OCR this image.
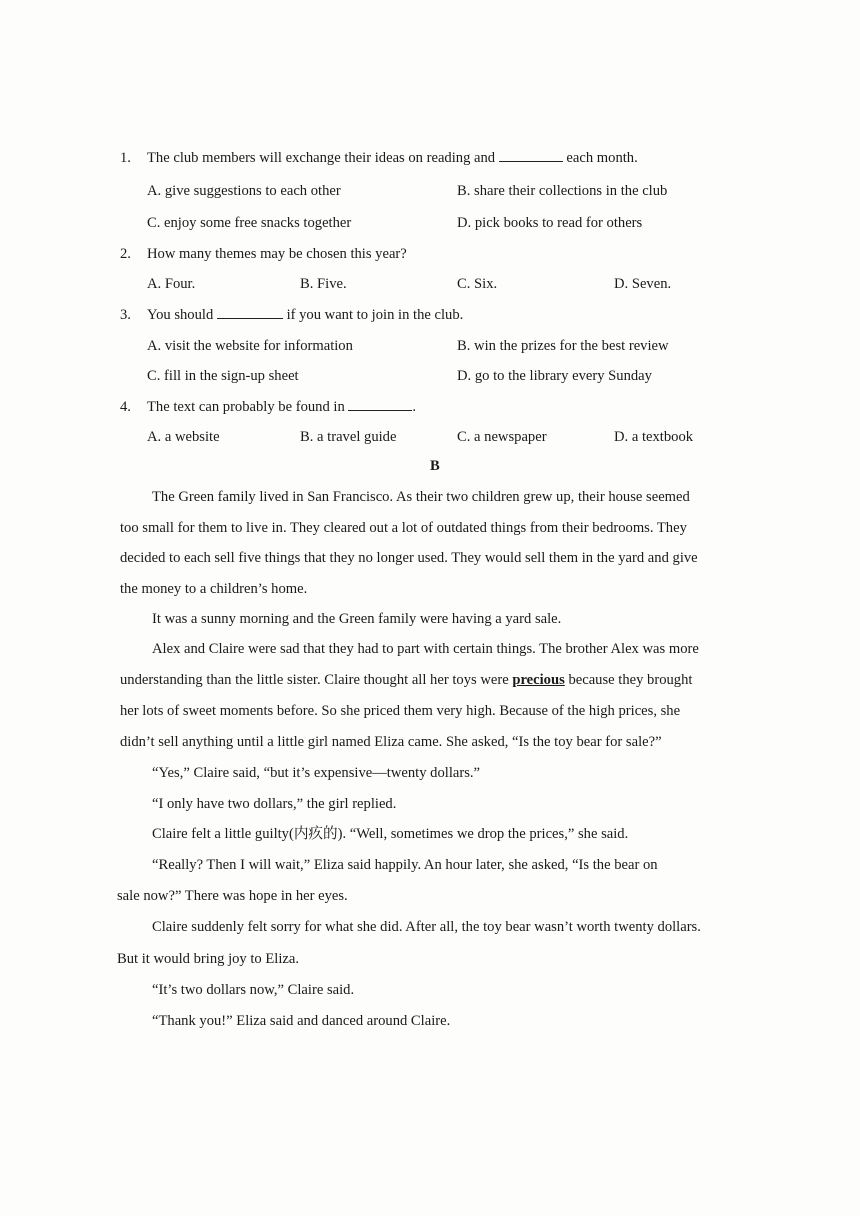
1. The club members will exchange their ideas on reading and	each month.
A. give suggestions to each other	B. share their collections in the club
C. enjoy some free snacks together	D. pick books to read for others
2. How many themes may be chosen this year?
A. Four.	B. Five.	C. Six.	D. Seven.
3. You should	if you want to join in the club.
A. visit the website for information	B. win the prizes for the best review
C. fill in the sign-up sheet	D. go to the library every Sunday
4. The text can probably be found in	.
A. a website	B. a travel guide	C. a newspaper	D. a textbook
B
The Green family lived in San Francisco. As their two children grew up, their house seemed
too small for them to live in. They cleared out a lot of outdated things from their bedrooms. They
decided to each sell five things that they no longer used. They would sell them in the yard and give
the money to a children’s home.
It was a sunny morning and the Green family were having a yard sale.
Alex and Claire were sad that they had to part with certain things. The brother Alex was more
understanding than the little sister. Claire thought all her toys were precious because they brought
her lots of sweet moments before. So she priced them very high. Because of the high prices, she
didn’t sell anything until a little girl named Eliza came. She asked, “Is the toy bear for sale?”
“Yes,” Claire said, “but it’s expensive—twenty dollars.”
“I only have two dollars,” the girl replied.
Claire felt a little guilty(内疚的). “Well, sometimes we drop the prices,” she said.
“Really? Then I will wait,” Eliza said happily. An hour later, she asked, “Is the bear on
sale now?” There was hope in her eyes.
Claire suddenly felt sorry for what she did. After all, the toy bear wasn’t worth twenty dollars.
But it would bring joy to Eliza.
“It’s two dollars now,” Claire said.
“Thank you!” Eliza said and danced around Claire.
